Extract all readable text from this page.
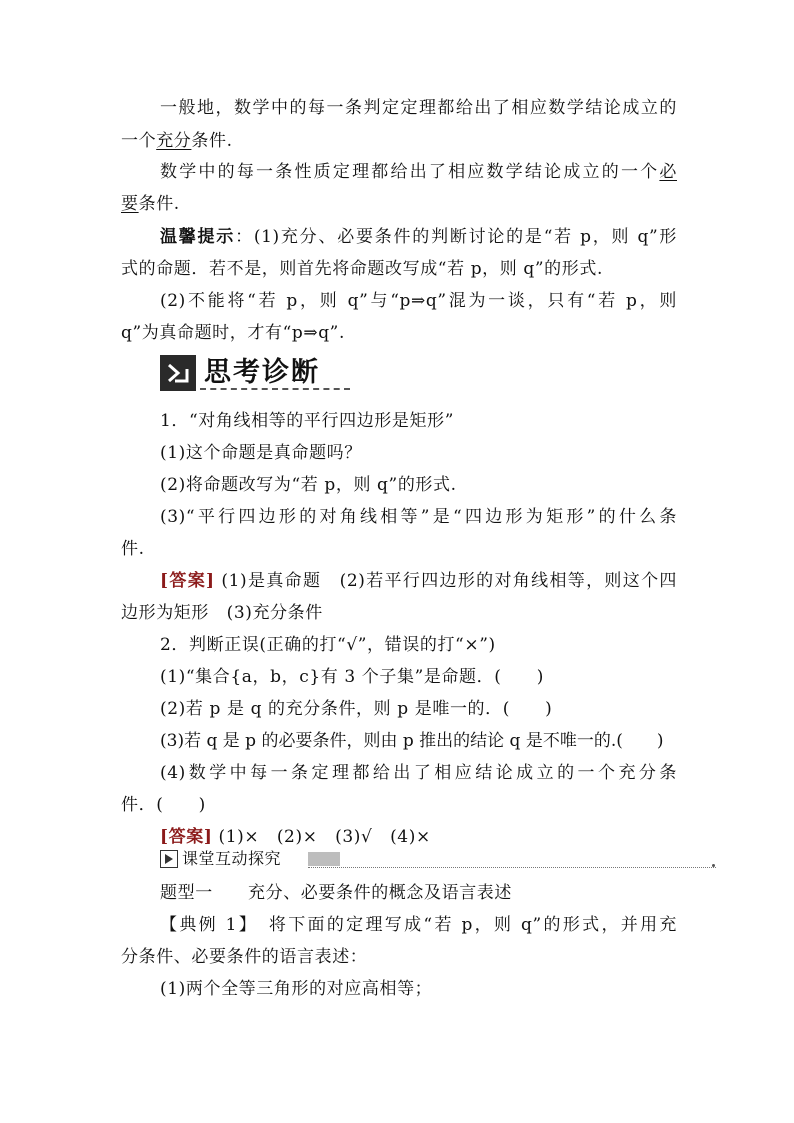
一般地，数学中的每一条判定定理都给出了相应数学结论成立的
一个充分条件.
数学中的每一条性质定理都给出了相应数学结论成立的一个必
要条件.
温馨提示：(1)充分、必要条件的判断讨论的是“若 p，则 q”形
式的命题．若不是，则首先将命题改写成“若 p，则 q”的形式.
(2)不能将“若 p，则 q”与“p⇒q”混为一谈，只有“若 p，则
q”为真命题时，才有“p⇒q”.
思考诊断
1．“对角线相等的平行四边形是矩形”
(1)这个命题是真命题吗？
(2)将命题改写为“若 p，则 q”的形式.
(3)“平行四边形的对角线相等”是“四边形为矩形”的什么条
件.
[答案] (1)是真命题　(2)若平行四边形的对角线相等，则这个四
边形为矩形　(3)充分条件
2．判断正误(正确的打“√”，错误的打“×”)
(1)“集合{a，b，c}有 3 个子集”是命题．(　　)
(2)若 p 是 q 的充分条件，则 p 是唯一的．(　　)
(3)若 q 是 p 的必要条件，则由 p 推出的结论 q 是不唯一的.(　　)
(4)数学中每一条定理都给出了相应结论成立的一个充分条
件．(　　)
[答案] (1)×　(2)×　(3)√　(4)×
课堂互动探究
题型一　　充分、必要条件的概念及语言表述
【典例 1】　将下面的定理写成“若 p，则 q”的形式，并用充
分条件、必要条件的语言表述：
(1)两个全等三角形的对应高相等；
